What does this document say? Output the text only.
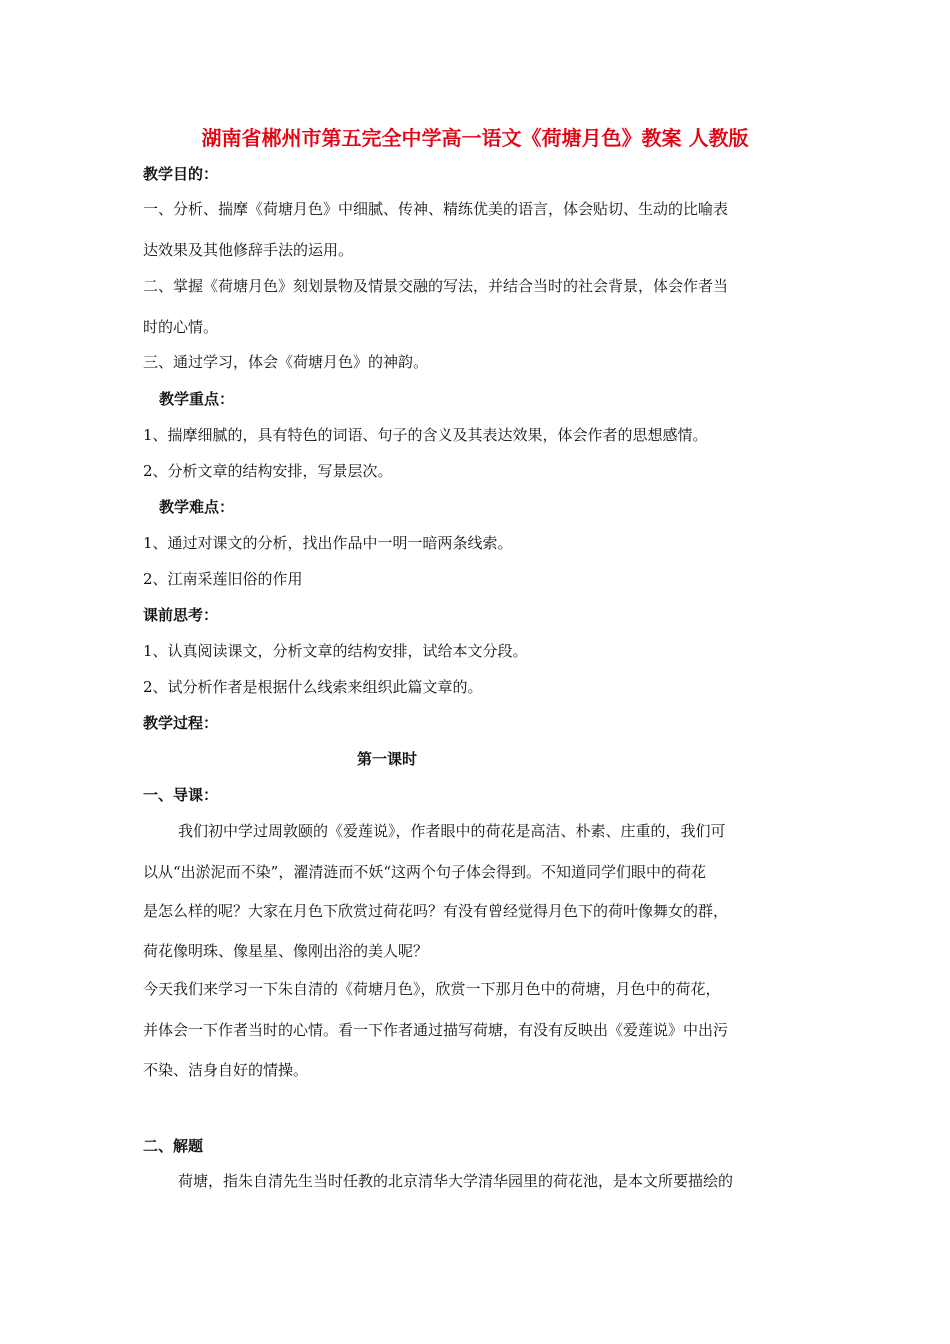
湖南省郴州市第五完全中学高一语文《荷塘月色》教案 人教版
教学目的：
一、分析、揣摩《荷塘月色》中细腻、传神、精练优美的语言，体会贴切、生动的比喻表
达效果及其他修辞手法的运用。
二、掌握《荷塘月色》刻划景物及情景交融的写法，并结合当时的社会背景，体会作者当
时的心情。
三、通过学习，体会《荷塘月色》的神韵。
教学重点：
1、揣摩细腻的，具有特色的词语、句子的含义及其表达效果，体会作者的思想感情。
2、分析文章的结构安排，写景层次。
教学难点：
1、通过对课文的分析，找出作品中一明一暗两条线索。
2、江南采莲旧俗的作用
课前思考：
1、认真阅读课文，分析文章的结构安排，试给本文分段。
2、试分析作者是根据什么线索来组织此篇文章的。
教学过程：
第一课时
一、导课：
我们初中学过周敦颐的《爱莲说》，作者眼中的荷花是高洁、朴素、庄重的，我们可
以从“出淤泥而不染”，濯清涟而不妖“这两个句子体会得到。不知道同学们眼中的荷花
是怎么样的呢？大家在月色下欣赏过荷花吗？有没有曾经觉得月色下的荷叶像舞女的群，
荷花像明珠、像星星、像刚出浴的美人呢？
今天我们来学习一下朱自清的《荷塘月色》，欣赏一下那月色中的荷塘，月色中的荷花，
并体会一下作者当时的心情。看一下作者通过描写荷塘，有没有反映出《爱莲说》中出污
不染、洁身自好的情操。
二、解题
荷塘，指朱自清先生当时任教的北京清华大学清华园里的荷花池，是本文所要描绘的
